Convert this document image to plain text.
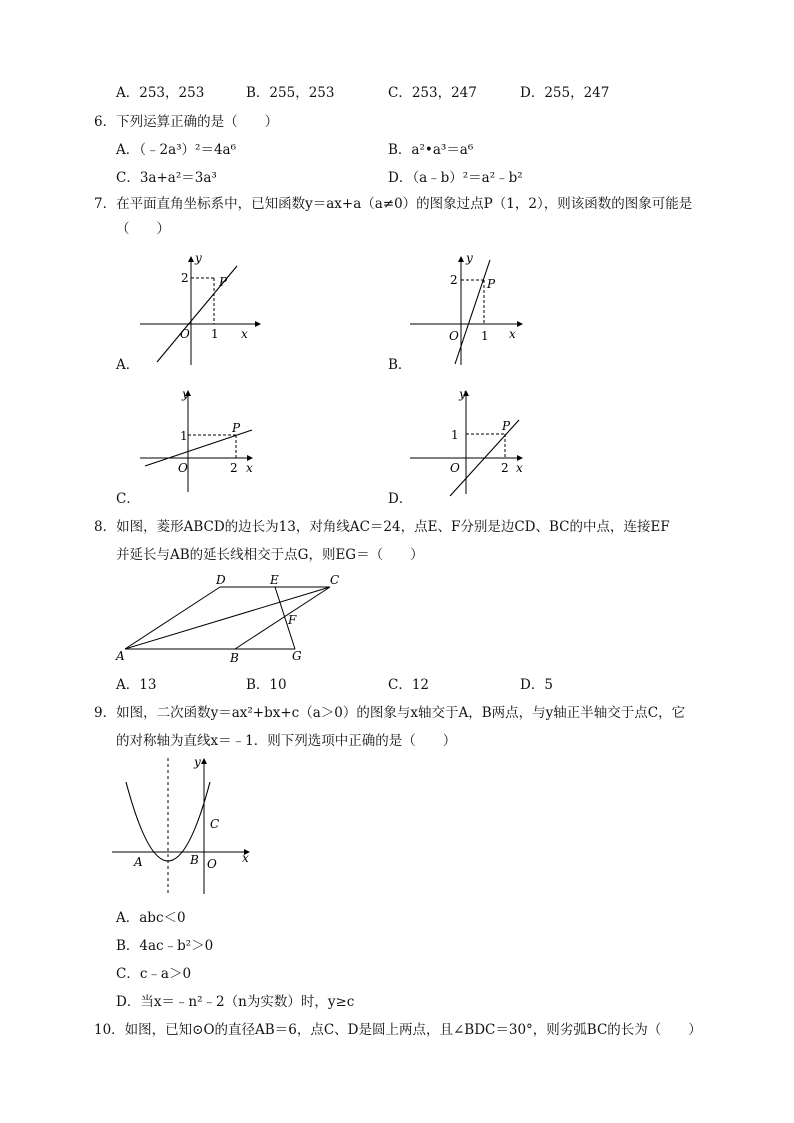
A．253，253	B．255，253	C．253，247	D．255，247
6．下列运算正确的是（　　）
A．（﹣2a³）²＝4a⁶	B．a²•a³＝a⁶
C．3a+a²＝3a³	D．（a﹣b）²＝a²﹣b²
7．在平面直角坐标系中，已知函数y＝ax+a（a≠0）的图象过点P（1，2），则该函数的图象可能是
（　　）
y
x
O 1
2	P
A．
y
x
O 1
2 P
B．
y
x
O	2
1
P
C．
y
x
O	2
1
P
D．
8．如图，菱形ABCD的边长为13，对角线AC＝24，点E、F分别是边CD、BC的中点，连接EF
并延长与AB的延长线相交于点G，则EG＝（　　）
D	E	C
F
A	B	G
A．13	B．10	C．12	D．5
9．如图，二次函数y＝ax²+bx+c（a＞0）的图象与x轴交于A，B两点，与y轴正半轴交于点C，它
的对称轴为直线x＝﹣1．则下列选项中正确的是（　　）
y
x
A	B O
C
A．abc＜0
B．4ac﹣b²＞0
C．c﹣a＞0
D．当x＝﹣n²﹣2（n为实数）时，y≥c
10．如图，已知⊙O的直径AB＝6，点C、D是圆上两点，且∠BDC＝30°，则劣弧BC的长为（　　）
